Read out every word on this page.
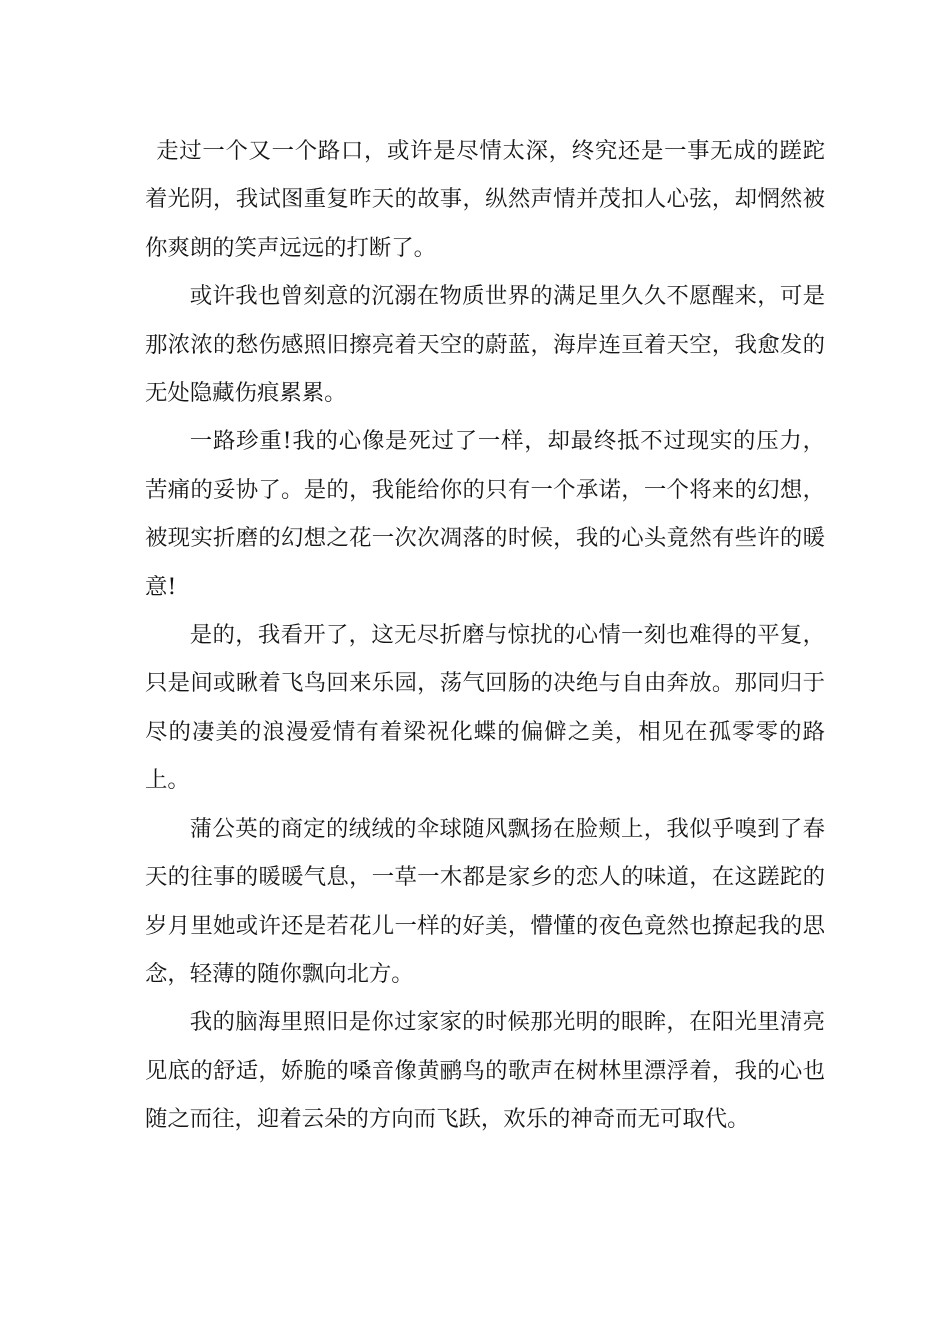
走过一个又一个路口，或许是尽情太深，终究还是一事无成的蹉跎着光阴，我试图重复昨天的故事，纵然声情并茂扣人心弦，却惘然被你爽朗的笑声远远的打断了。

或许我也曾刻意的沉溺在物质世界的满足里久久不愿醒来，可是那浓浓的愁伤感照旧擦亮着天空的蔚蓝，海岸连亘着天空，我愈发的无处隐藏伤痕累累。

一路珍重!我的心像是死过了一样，却最终抵不过现实的压力，苦痛的妥协了。是的，我能给你的只有一个承诺，一个将来的幻想，被现实折磨的幻想之花一次次凋落的时候，我的心头竟然有些许的暖意!

是的，我看开了，这无尽折磨与惊扰的心情一刻也难得的平复，只是间或瞅着飞鸟回来乐园，荡气回肠的决绝与自由奔放。那同归于尽的凄美的浪漫爱情有着梁祝化蝶的偏僻之美，相见在孤零零的路上。

蒲公英的商定的绒绒的伞球随风飘扬在脸颊上，我似乎嗅到了春天的往事的暖暖气息，一草一木都是家乡的恋人的味道，在这蹉跎的岁月里她或许还是若花儿一样的好美，懵懂的夜色竟然也撩起我的思念，轻薄的随你飘向北方。

我的脑海里照旧是你过家家的时候那光明的眼眸，在阳光里清亮见底的舒适，娇脆的嗓音像黄鹂鸟的歌声在树林里漂浮着，我的心也随之而往，迎着云朵的方向而飞跃，欢乐的神奇而无可取代。
